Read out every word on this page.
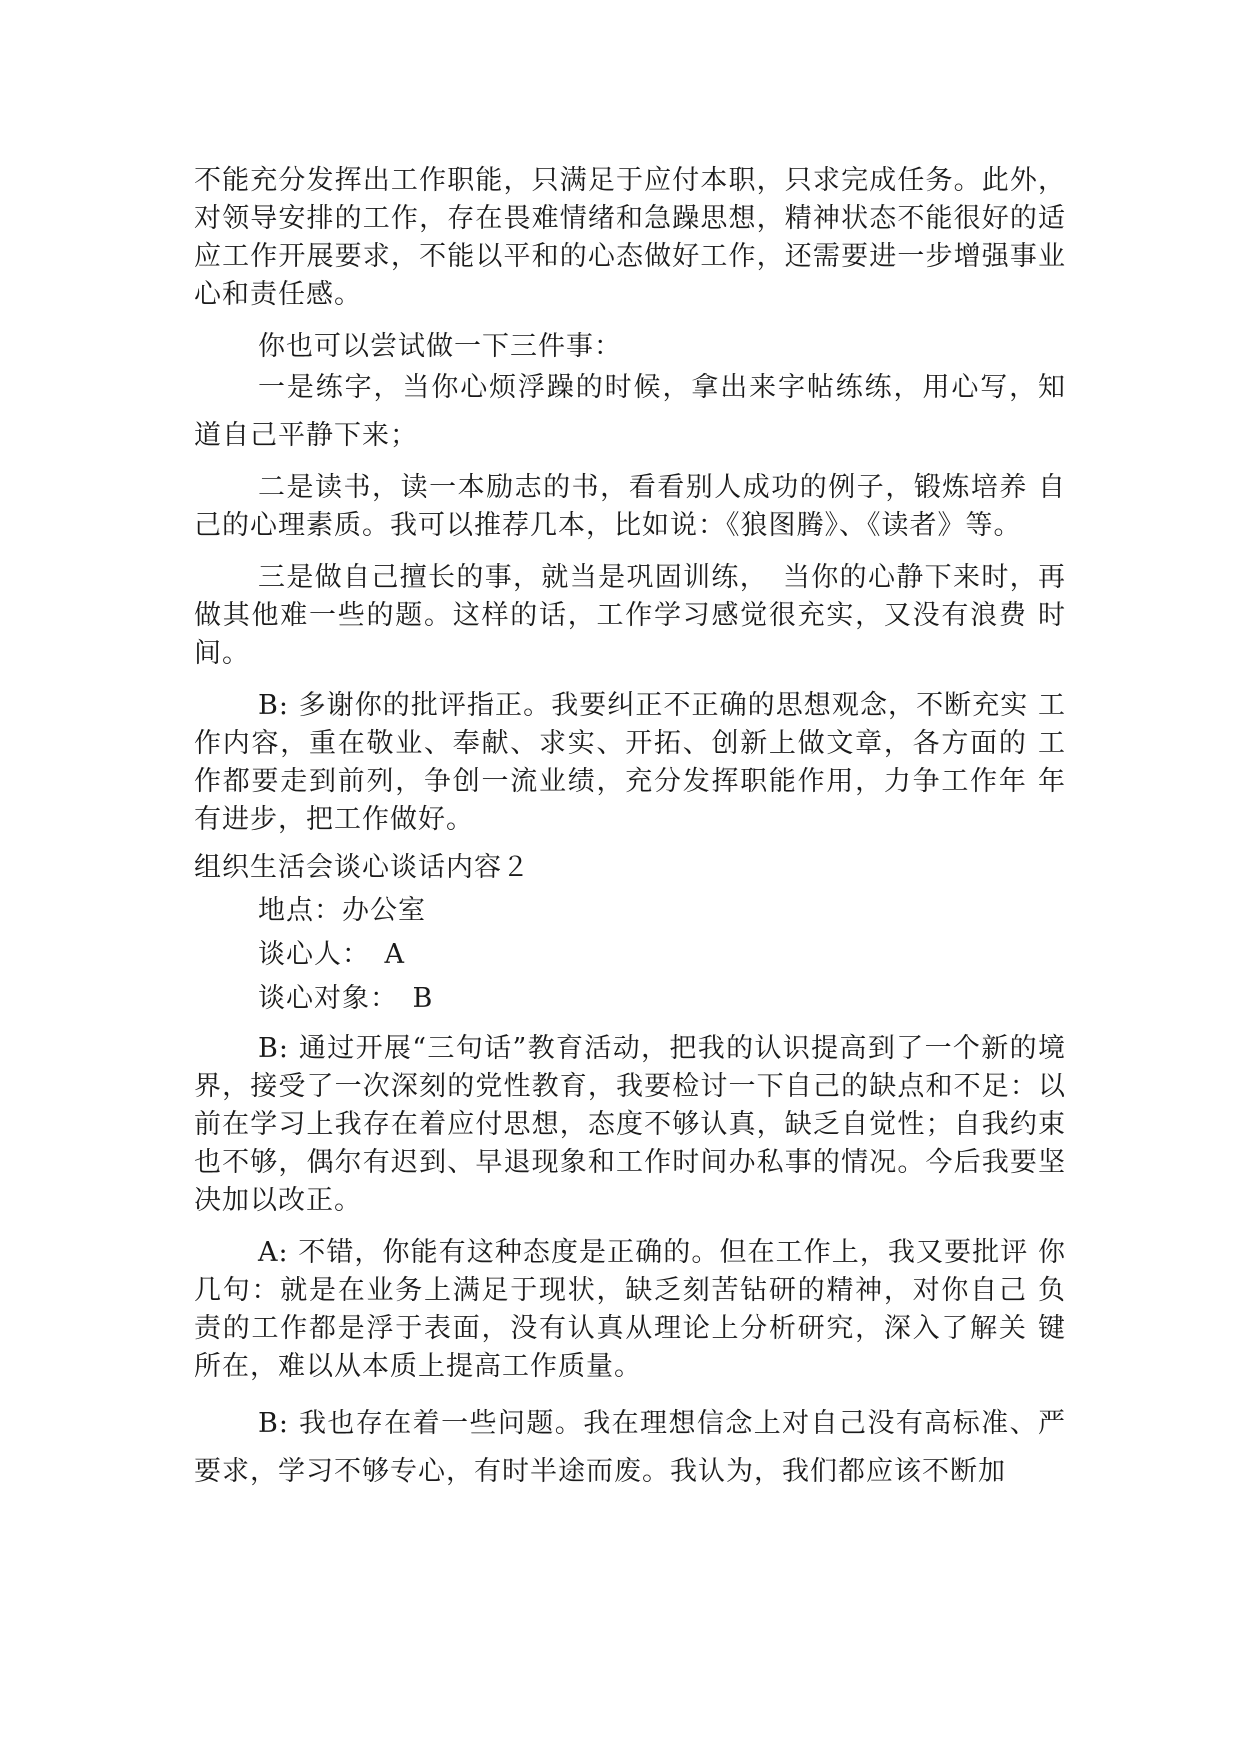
不能充分发挥出工作职能，只满足于应付本职，只求完成任务。此外，对领导安排的工作，存在畏难情绪和急躁思想，精神状态不能很好的适应工作开展要求，不能以平和的心态做好工作，还需要进一步增强事业心和责任感。

你也可以尝试做一下三件事：

一是练字，当你心烦浮躁的时候，拿出来字帖练练，用心写，知道自己平静下来；

二是读书，读一本励志的书，看看别人成功的例子，锻炼培养 自己的心理素质。我可以推荐几本，比如说：《狼图腾》、《读者》等。

三是做自己擅长的事，就当是巩固训练，　当你的心静下来时，再做其他难一些的题。这样的话，工作学习感觉很充实，又没有浪费 时间。

B: 多谢你的批评指正。我要纠正不正确的思想观念，不断充实 工作内容，重在敬业、奉献、求实、开拓、创新上做文章，各方面的 工作都要走到前列，争创一流业绩，充分发挥职能作用，力争工作年 年有进步，把工作做好。

组织生活会谈心谈话内容２

地点：办公室

谈心人：　A

谈心对象：　B

B: 通过开展“三句话”教育活动，把我的认识提高到了一个新的境界，接受了一次深刻的党性教育，我要检讨一下自己的缺点和不足：以前在学习上我存在着应付思想，态度不够认真，缺乏自觉性；自我约束也不够，偶尔有迟到、早退现象和工作时间办私事的情况。今后我要坚决加以改正。

A: 不错，你能有这种态度是正确的。但在工作上，我又要批评 你几句：就是在业务上满足于现状，缺乏刻苦钻研的精神，对你自己 负责的工作都是浮于表面，没有认真从理论上分析研究，深入了解关 键所在，难以从本质上提高工作质量。

B: 我也存在着一些问题。我在理想信念上对自己没有高标准、严要求，学习不够专心，有时半途而废。我认为，我们都应该不断加
